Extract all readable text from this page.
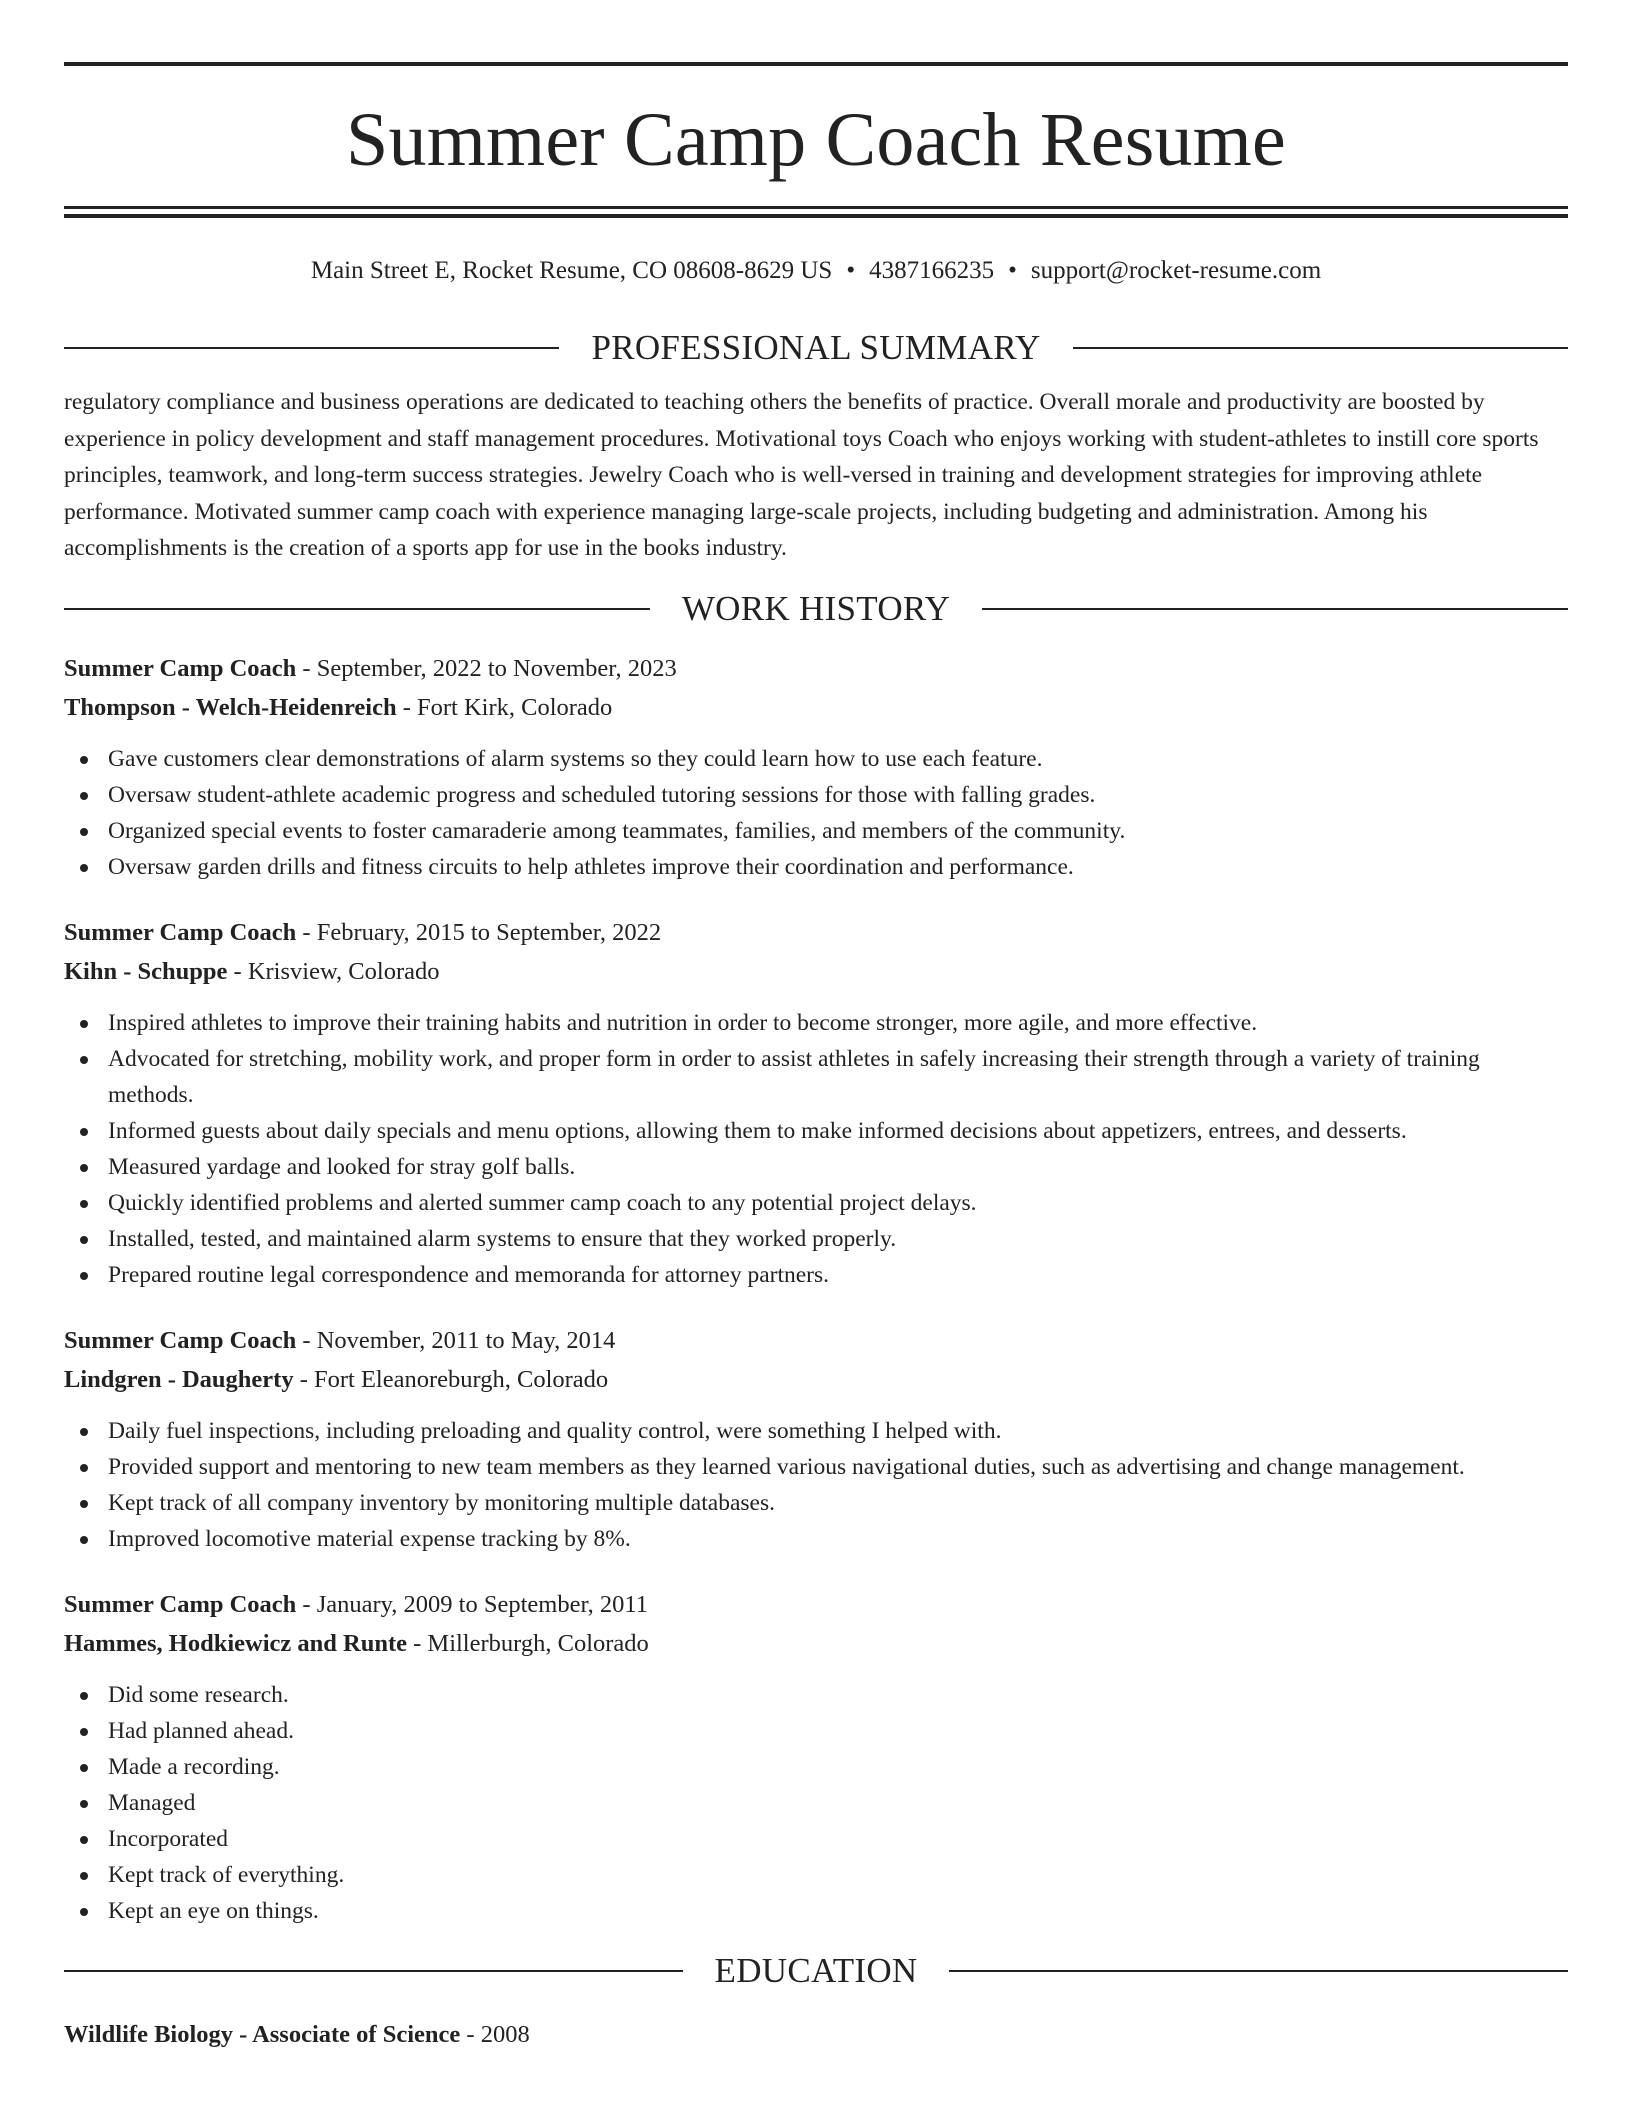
Summer Camp Coach Resume
Main Street E, Rocket Resume, CO 08608-8629 US • 4387166235 • support@rocket-resume.com
PROFESSIONAL SUMMARY

regulatory compliance and business operations are dedicated to teaching others the benefits of practice. Overall morale and productivity are boosted by experience in policy development and staff management procedures. Motivational toys Coach who enjoys working with student-athletes to instill core sports principles, teamwork, and long-term success strategies. Jewelry Coach who is well-versed in training and development strategies for improving athlete performance. Motivated summer camp coach with experience managing large-scale projects, including budgeting and administration. Among his accomplishments is the creation of a sports app for use in the books industry.

WORK HISTORY
Summer Camp Coach - September, 2022 to November, 2023
Thompson - Welch-Heidenreich - Fort Kirk, Colorado
Gave customers clear demonstrations of alarm systems so they could learn how to use each feature.
Oversaw student-athlete academic progress and scheduled tutoring sessions for those with falling grades.
Organized special events to foster camaraderie among teammates, families, and members of the community.
Oversaw garden drills and fitness circuits to help athletes improve their coordination and performance.
Summer Camp Coach - February, 2015 to September, 2022
Kihn - Schuppe - Krisview, Colorado
Inspired athletes to improve their training habits and nutrition in order to become stronger, more agile, and more effective.
Advocated for stretching, mobility work, and proper form in order to assist athletes in safely increasing their strength through a variety of training methods.
Informed guests about daily specials and menu options, allowing them to make informed decisions about appetizers, entrees, and desserts.
Measured yardage and looked for stray golf balls.
Quickly identified problems and alerted summer camp coach to any potential project delays.
Installed, tested, and maintained alarm systems to ensure that they worked properly.
Prepared routine legal correspondence and memoranda for attorney partners.
Summer Camp Coach - November, 2011 to May, 2014
Lindgren - Daugherty - Fort Eleanoreburgh, Colorado
Daily fuel inspections, including preloading and quality control, were something I helped with.
Provided support and mentoring to new team members as they learned various navigational duties, such as advertising and change management.
Kept track of all company inventory by monitoring multiple databases.
Improved locomotive material expense tracking by 8%.
Summer Camp Coach - January, 2009 to September, 2011
Hammes, Hodkiewicz and Runte - Millerburgh, Colorado
Did some research.
Had planned ahead.
Made a recording.
Managed
Incorporated
Kept track of everything.
Kept an eye on things.
EDUCATION
Wildlife Biology - Associate of Science - 2008
